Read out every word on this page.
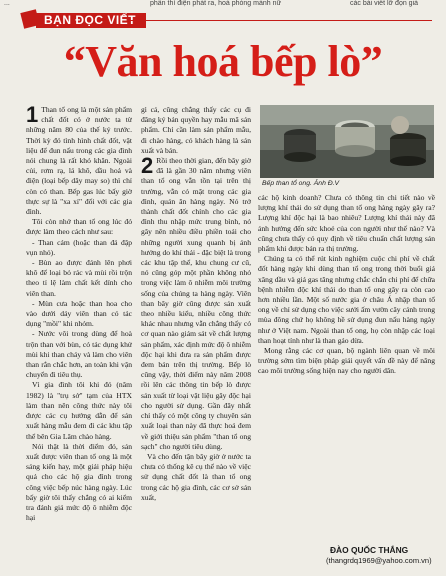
...	phần thì điện phát ra, hoà phòng mành nữ	các bài viết lỡ đọn giả
BẠN ĐỌC VIẾT
“Văn hoá bếp lò”

1 Than tổ ong là một sản phẩm chất đốt có ở nước ta từ những năm 80 của thế kỷ trước. Thời kỳ đó tình hình chất đốt, vật liệu để đun nấu trong các gia đình nói chung là rất khó khăn. Ngoài củi, rơm rạ, lá khô, dầu hoả và điện (loại bếp dây may so) thì chỉ còn có than. Bếp gas lúc bấy giờ thực sự là "xa xỉ" đối với các gia đình.

Tôi còn nhớ than tổ ong lúc đó được làm theo cách như sau:

- Than cám (hoặc than đá đập vụn nhỏ).

- Bùn ao được đánh lên phơi khô để loại bỏ rác và mùi rồi trộn theo tỉ lệ làm chất kết dính cho viên than.

- Mùn cưa hoặc than hoa cho vào dưới dáy viên than có tác dụng "mồi" khi nhóm.

- Nước vôi trong dùng để hoà trộn than với bùn, có tác dụng khử mùi khi than cháy và làm cho viên than rắn chắc hơn, an toàn khi vận chuyển đi tiêu thụ.

Vì gia đình tôi khi đó (năm 1982) là "trụ sở" tạm của HTX làm than nên công thức này tôi được các cụ hướng dẫn để sản xuất hàng mẫu đem đi các khu tập thể bên Gia Lâm chào hàng.

Nói thật là thời điểm đó, sản xuất được viên than tổ ong là một sáng kiến hay, một giải pháp hiệu quả cho các hộ gia đình trong công việc bếp núc hàng ngày. Lúc bấy giờ tôi thấy chẳng có ai kiểm tra đánh giá mức độ ô nhiễm độc hại

gì cả, cũng chẳng thấy các cụ đi đăng ký bản quyền hay mẫu mã sản phẩm. Chỉ cần làm sản phẩm mẫu, đi chào hàng, có khách hàng là sản xuất và bán.

2 Rồi theo thời gian, đến bây giờ đã là gần 30 năm nhưng viên than tổ ong vẫn tồn tại trên thị trường, vẫn có mặt trong các gia đình, quán ăn hàng ngày. Nó trở thành chất đốt chính cho các gia đình thu nhập mức trung bình, nó gây nên nhiều điều phiền toái cho những người xung quanh bị ảnh hưởng do khí thải - đặc biệt là trong các khu tập thể, khu chung cư cũ, nó cũng góp một phần không nhỏ trong việc làm ô nhiễm môi trường sống của chúng ta hàng ngày. Viên than bây giờ cũng được sản xuất theo nhiều kiểu, nhiều công thức khác nhau nhưng vẫn chẳng thấy có cơ quan nào giám sát về chất lượng sản phẩm, xác định mức độ ô nhiễm độc hại khi đưa ra sản phẩm được đem bán trên thị trường. Bếp lò cũng vậy, thời điểm này năm 2008 rồi lên các thông tin bếp lò được sản xuất từ loại vật liệu gây độc hại cho người sử dụng. Gần đây nhất chỉ thấy có một công ty chuyên sản xuất loại than này đã thực hoá đem về giới thiệu sản phẩm "than tổ ong sạch" cho người tiêu dùng.

Và cho đến tận bây giờ ở nước ta chưa có thống kê cụ thể nào về việc sử dụng chất đốt là than tổ ong trong các hộ gia đình, các cơ sở sản xuất,

Bếp than tổ ong. Ảnh Đ.V

các hộ kinh doanh? Chưa có thông tin chi tiết nào về lượng khí thải do sử dụng than tổ ong hàng ngày gây ra? Lượng khí độc hại là bao nhiêu? Lượng khí thải này đã ảnh hưởng đến sức khoẻ của con người như thế nào? Và cũng chưa thấy có quy định về tiêu chuẩn chất lượng sản phẩm khi được bán ra thị trường.

Chúng ta có thể rút kinh nghiệm cuộc chi phí về chất đốt hàng ngày khi dùng than tổ ong trong thời buổi giá xăng dầu và giá gas tăng nhưng chắc chắn chi phí để chữa bệnh nhiễm độc khí thải do than tổ ong gây ra còn cao hơn nhiều lần. Một số nước gia ở châu Á nhập than tổ ong về chỉ sử dụng cho việc sưởi ấm vườn cây cảnh trong mùa đông chứ họ không hề sử dụng đun nấu hàng ngày như ở Việt nam. Ngoài than tổ ong, họ còn nhập các loại than hoạt tính như là than gáo dừa.

Mong rằng các cơ quan, bộ ngành liên quan về môi trường sớm tìm biện pháp giải quyết vấn đề này để nâng cao môi trường sống hiện nay cho người dân.

ĐÀO QUỐC THẮNG
(thangrdq1969@yahoo.com.vn)
